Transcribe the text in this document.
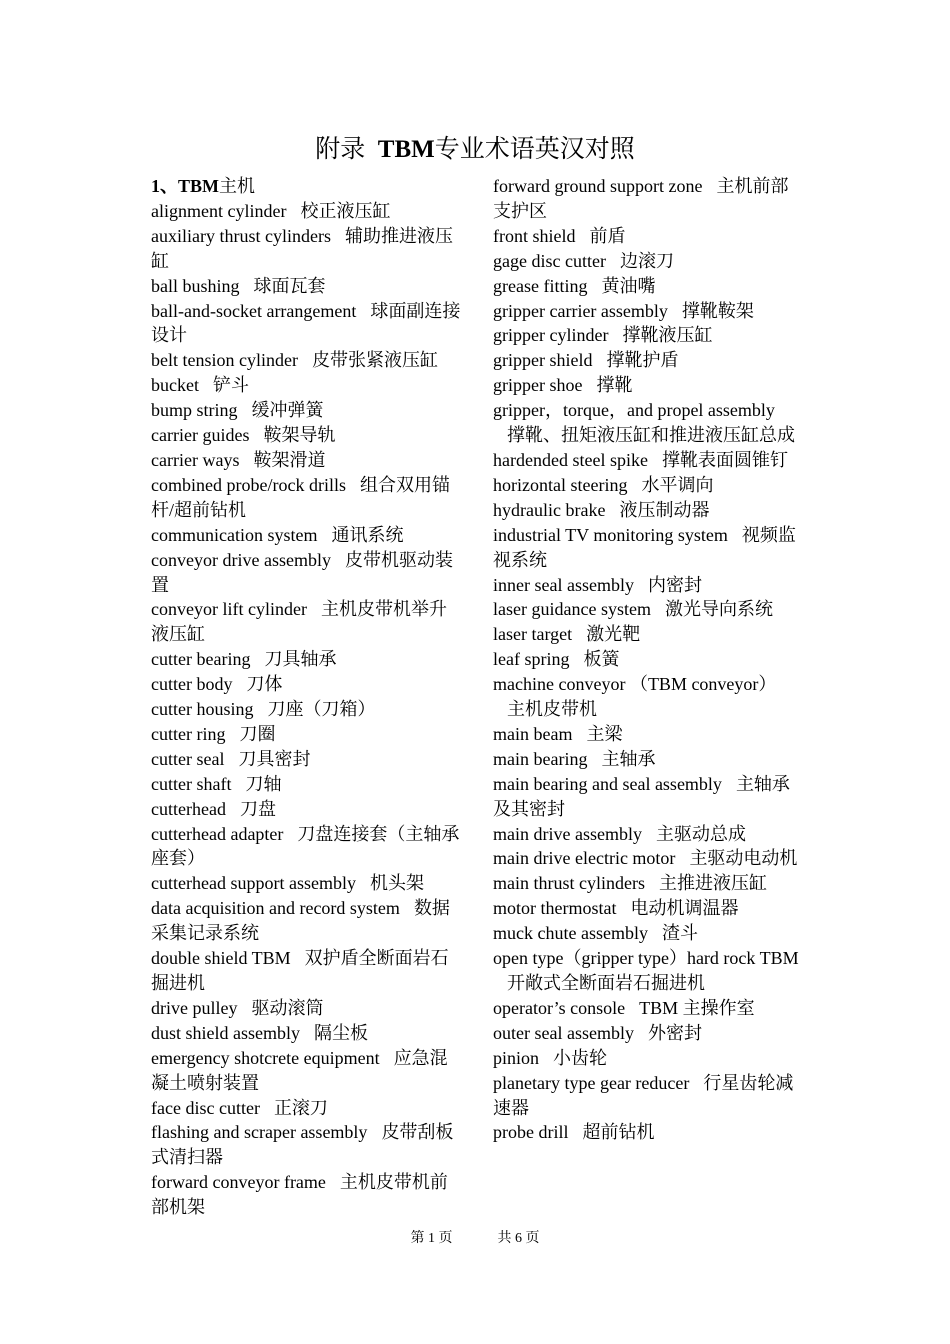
附录 TBM专业术语英汉对照
1、TBM主机
alignment cylinder 校正液压缸
auxiliary thrust cylinders 辅助推进液压缸
ball bushing 球面瓦套
ball-and-socket arrangement 球面副连接设计
belt tension cylinder 皮带张紧液压缸
bucket 铲斗
bump string 缓冲弹簧
carrier guides 鞍架导轨
carrier ways 鞍架滑道
combined probe/rock drills 组合双用锚杆/超前钻机
communication system 通讯系统
conveyor drive assembly 皮带机驱动装置
conveyor lift cylinder 主机皮带机举升液压缸
cutter bearing 刀具轴承
cutter body 刀体
cutter housing 刀座（刀箱）
cutter ring 刀圈
cutter seal 刀具密封
cutter shaft 刀轴
cutterhead 刀盘
cutterhead adapter 刀盘连接套（主轴承座套）
cutterhead support assembly 机头架
data acquisition and record system 数据采集记录系统
double shield TBM 双护盾全断面岩石掘进机
drive pulley 驱动滚筒
dust shield assembly 隔尘板
emergency shotcrete equipment 应急混凝土喷射装置
face disc cutter 正滚刀
flashing and scraper assembly 皮带刮板式清扫器
forward conveyor frame 主机皮带机前部机架
forward ground support zone 主机前部支护区
front shield 前盾
gage disc cutter 边滚刀
grease fitting 黄油嘴
gripper carrier assembly 撑靴鞍架
gripper cylinder 撑靴液压缸
gripper shield 撑靴护盾
gripper shoe 撑靴
gripper，torque，and propel assembly撑靴、扭矩液压缸和推进液压缸总成
hardended steel spike 撑靴表面圆锥钉
horizontal steering 水平调向
hydraulic brake 液压制动器
industrial TV monitoring system 视频监视系统
inner seal assembly 内密封
laser guidance system 激光导向系统
laser target 激光靶
leaf spring 板簧
machine conveyor （TBM conveyor）主机皮带机
main beam 主梁
main bearing 主轴承
main bearing and seal assembly 主轴承及其密封
main drive assembly 主驱动总成
main drive electric motor 主驱动电动机
main thrust cylinders 主推进液压缸
motor thermostat 电动机调温器
muck chute assembly 渣斗
open type（gripper type）hard rock TBM开敞式全断面岩石掘进机
operator’s console TBM 主操作室
outer seal assembly 外密封
pinion 小齿轮
planetary type gear reducer 行星齿轮减速器
probe drill 超前钻机
第 1 页	共 6 页
